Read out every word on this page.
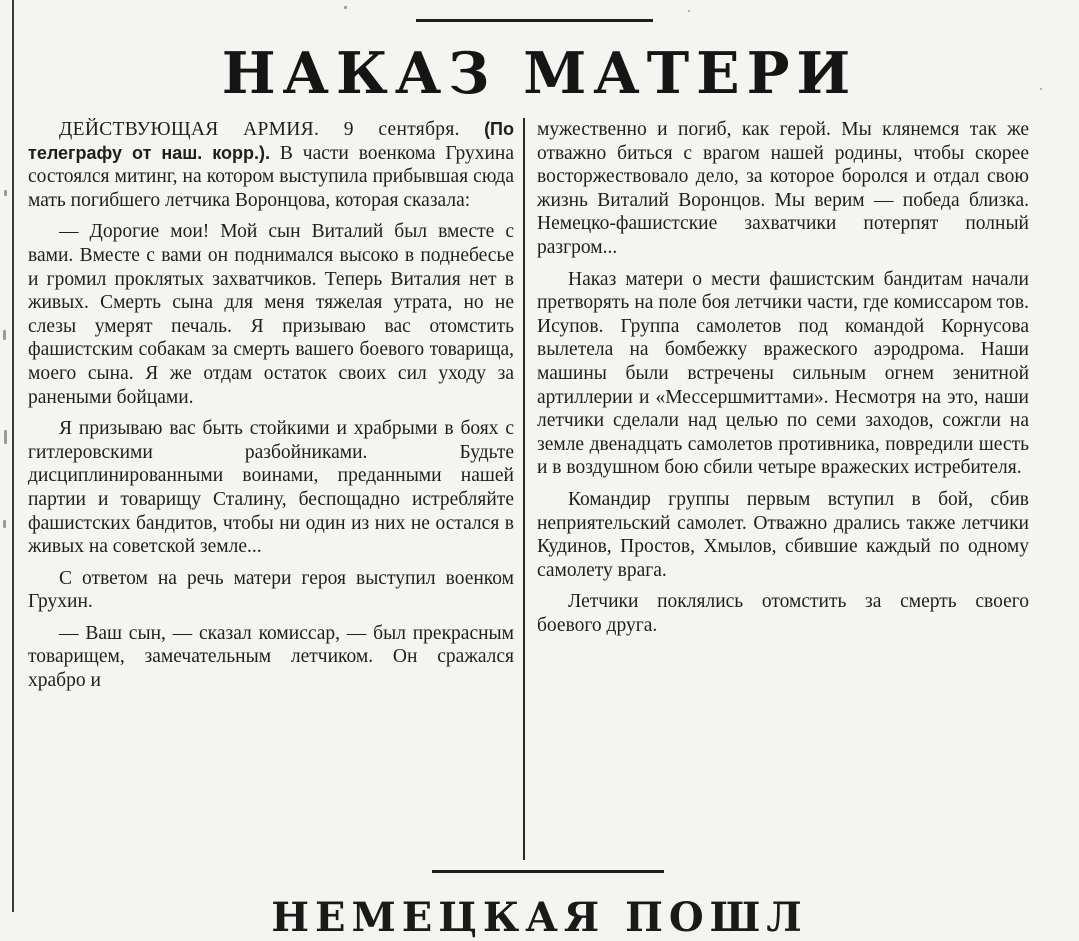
НАКАЗ МАТЕРИ

ДЕЙСТВУЮЩАЯ АРМИЯ. 9 сентября. (По телеграфу от наш. корр.). В части военкома Грухина состоялся митинг, на котором выступила прибывшая сюда мать погибшего летчика Воронцова, которая сказала:

— Дорогие мои! Мой сын Виталий был вместе с вами. Вместе с вами он поднимался высоко в поднебесье и громил проклятых захватчиков. Теперь Виталия нет в живых. Смерть сына для меня тяжелая утрата, но не слезы умерят печаль. Я призываю вас отомстить фашистским собакам за смерть вашего боевого товарища, моего сына. Я же отдам остаток своих сил уходу за ранеными бойцами.

Я призываю вас быть стойкими и храбрыми в боях с гитлеровскими разбойниками. Будьте дисциплинированными воинами, преданными нашей партии и товарищу Сталину, беспощадно истребляйте фашистских бандитов, чтобы ни один из них не остался в живых на советской земле...

С ответом на речь матери героя выступил военком Грухин.

— Ваш сын, — сказал комиссар, — был прекрасным товарищем, замечательным летчиком. Он сражался храбро и

мужественно и погиб, как герой. Мы клянемся так же отважно биться с врагом нашей родины, чтобы скорее восторжествовало дело, за которое боролся и отдал свою жизнь Виталий Воронцов. Мы верим — победа близка. Немецко-фашистские захватчики потерпят полный разгром...

Наказ матери о мести фашистским бандитам начали претворять на поле боя летчики части, где комиссаром тов. Исупов. Группа самолетов под командой Корнусова вылетела на бомбежку вражеского аэродрома. Наши машины были встречены сильным огнем зенитной артиллерии и «Мессершмиттами». Несмотря на это, наши летчики сделали над целью по семи заходов, сожгли на земле двенадцать самолетов противника, повредили шесть и в воздушном бою сбили четыре вражеских истребителя.

Командир группы первым вступил в бой, сбив неприятельский самолет. Отважно дрались также летчики Кудинов, Простов, Хмылов, сбившие каждый по одному самолету врага.

Летчики поклялись отомстить за смерть своего боевого друга.

НЕМЕЦКАЯ ПОШЛ
